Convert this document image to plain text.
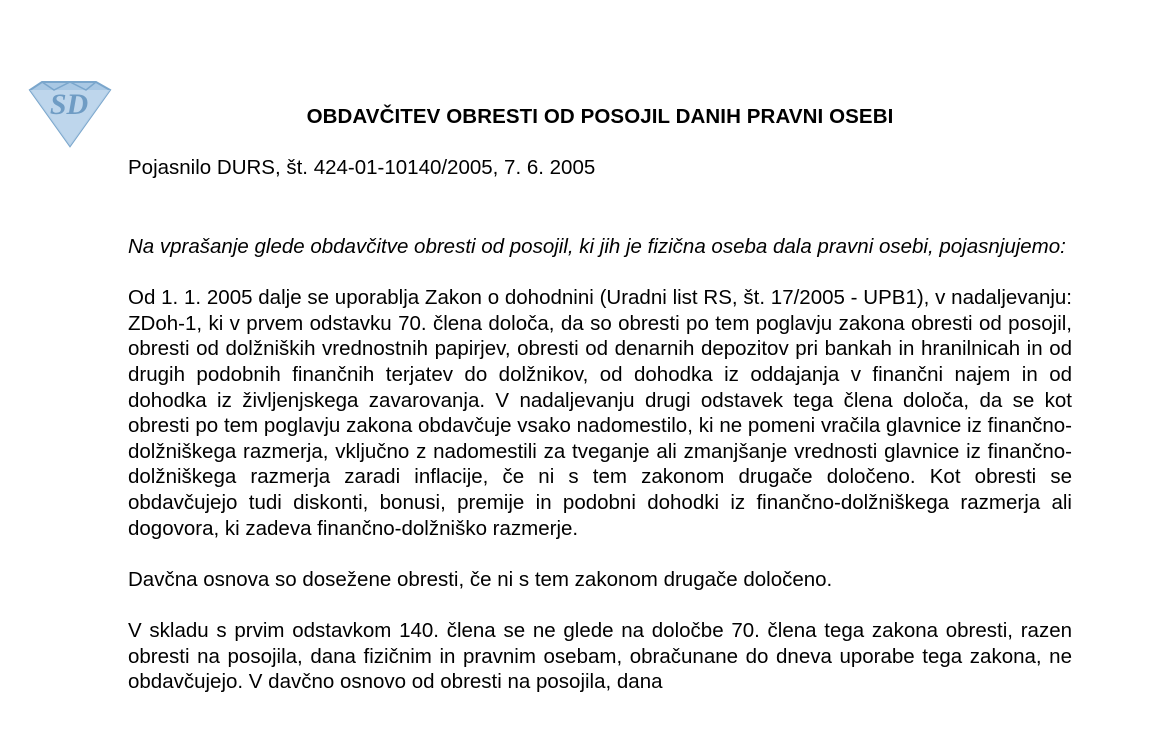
SD	OBDAVČITEV OBRESTI OD POSOJIL DANIH PRAVNI OSEBI
Pojasnilo DURS, št. 424-01-10140/2005, 7. 6. 2005

Na vprašanje glede obdavčitve obresti od posojil, ki jih je fizična oseba dala pravni osebi, pojasnjujemo:

Od 1. 1. 2005 dalje se uporablja Zakon o dohodnini (Uradni list RS, št. 17/2005 - UPB1), v nadaljevanju: ZDoh-1, ki v prvem odstavku 70. člena določa, da so obresti po tem poglavju zakona obresti od posojil, obresti od dolžniških vrednostnih papirjev, obresti od denarnih depozitov pri bankah in hranilnicah in od drugih podobnih finančnih terjatev do dolžnikov, od dohodka iz oddajanja v finančni najem in od dohodka iz življenjskega zavarovanja. V nadaljevanju drugi odstavek tega člena določa, da se kot obresti po tem poglavju zakona obdavčuje vsako nadomestilo, ki ne pomeni vračila glavnice iz finančno-dolžniškega razmerja, vključno z nadomestili za tveganje ali zmanjšanje vrednosti glavnice iz finančno-dolžniškega razmerja zaradi inflacije, če ni s tem zakonom drugače določeno. Kot obresti se obdavčujejo tudi diskonti, bonusi, premije in podobni dohodki iz finančno-dolžniškega razmerja ali dogovora, ki zadeva finančno-dolžniško razmerje.

Davčna osnova so dosežene obresti, če ni s tem zakonom drugače določeno.

V skladu s prvim odstavkom 140. člena se ne glede na določbe 70. člena tega zakona obresti, razen obresti na posojila, dana fizičnim in pravnim osebam, obračunane do dneva uporabe tega zakona, ne obdavčujejo. V davčno osnovo od obresti na posojila, dana
